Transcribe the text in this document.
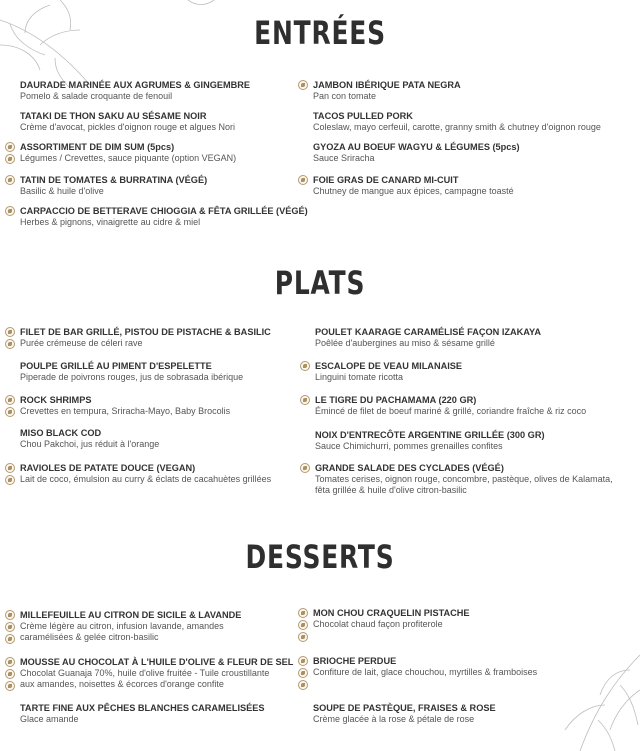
ENTRÉES
DAURADE MARINÉE AUX AGRUMES & GINGEMBRE
Pomelo & salade croquante de fenouil
TATAKI DE THON SAKU AU SÉSAME NOIR
Crème d'avocat, pickles d'oignon rouge et algues Nori
ASSORTIMENT DE DIM SUM (5pcs)
Légumes / Crevettes, sauce piquante (option VEGAN)
TATIN DE TOMATES & BURRATINA (VÉGÉ)
Basilic & huile d'olive
CARPACCIO DE BETTERAVE CHIOGGIA & FÊTA GRILLÉE (VÉGÉ)
Herbes & pignons, vinaigrette au cidre & miel
JAMBON IBÉRIQUE PATA NEGRA
Pan con tomate
TACOS PULLED PORK
Coleslaw, mayo cerfeuil, carotte, granny smith & chutney d'oignon rouge
GYOZA AU BOEUF WAGYU & LÉGUMES (5pcs)
Sauce Sriracha
FOIE GRAS DE CANARD MI-CUIT
Chutney de mangue aux épices, campagne toasté
PLATS
FILET DE BAR GRILLÉ, PISTOU DE PISTACHE & BASILIC
Purée crémeuse de céleri rave
POULPE GRILLÉ AU PIMENT D'ESPELETTE
Piperade de poivrons rouges, jus de sobrasada ibérique
ROCK SHRIMPS
Crevettes en tempura, Sriracha-Mayo, Baby Brocolis
MISO BLACK COD
Chou Pakchoi, jus réduit à l'orange
RAVIOLES DE PATATE DOUCE (VEGAN)
Lait de coco, émulsion au curry & éclats de cacahuètes grillées
POULET KAARAGE CARAMÉLISÉ FAÇON IZAKAYA
Poêlée d'aubergines au miso & sésame grillé
ESCALOPE DE VEAU MILANAISE
Linguini tomate ricotta
LE TIGRE DU PACHAMAMA (220 GR)
Émincé de filet de boeuf mariné & grillé, coriandre fraîche & riz coco
NOIX D'ENTRECÔTE ARGENTINE GRILLÉE (300 GR)
Sauce Chimichurri, pommes grenailles confites
GRANDE SALADE DES CYCLADES (VÉGÉ)
Tomates cerises, oignon rouge, concombre, pastèque, olives de Kalamata, fêta grillée & huile d'olive citron-basilic
DESSERTS
MILLEFEUILLE AU CITRON DE SICILE & LAVANDE
Crème légère au citron, infusion lavande, amandes caramélisées & gelée citron-basilic
MOUSSE AU CHOCOLAT À L'HUILE D'OLIVE & FLEUR DE SEL
Chocolat Guanaja 70%, huile d'olive fruitée - Tuile croustillante aux amandes, noisettes & écorces d'orange confite
TARTE FINE AUX PÊCHES BLANCHES CARAMELISÉES
Glace amande
MON CHOU CRAQUELIN PISTACHE
Chocolat chaud façon profiterole
BRIOCHE PERDUE
Confiture de lait, glace chouchou, myrtilles & framboises
SOUPE DE PASTÈQUE, FRAISES & ROSE
Crème glacée à la rose & pétale de rose
